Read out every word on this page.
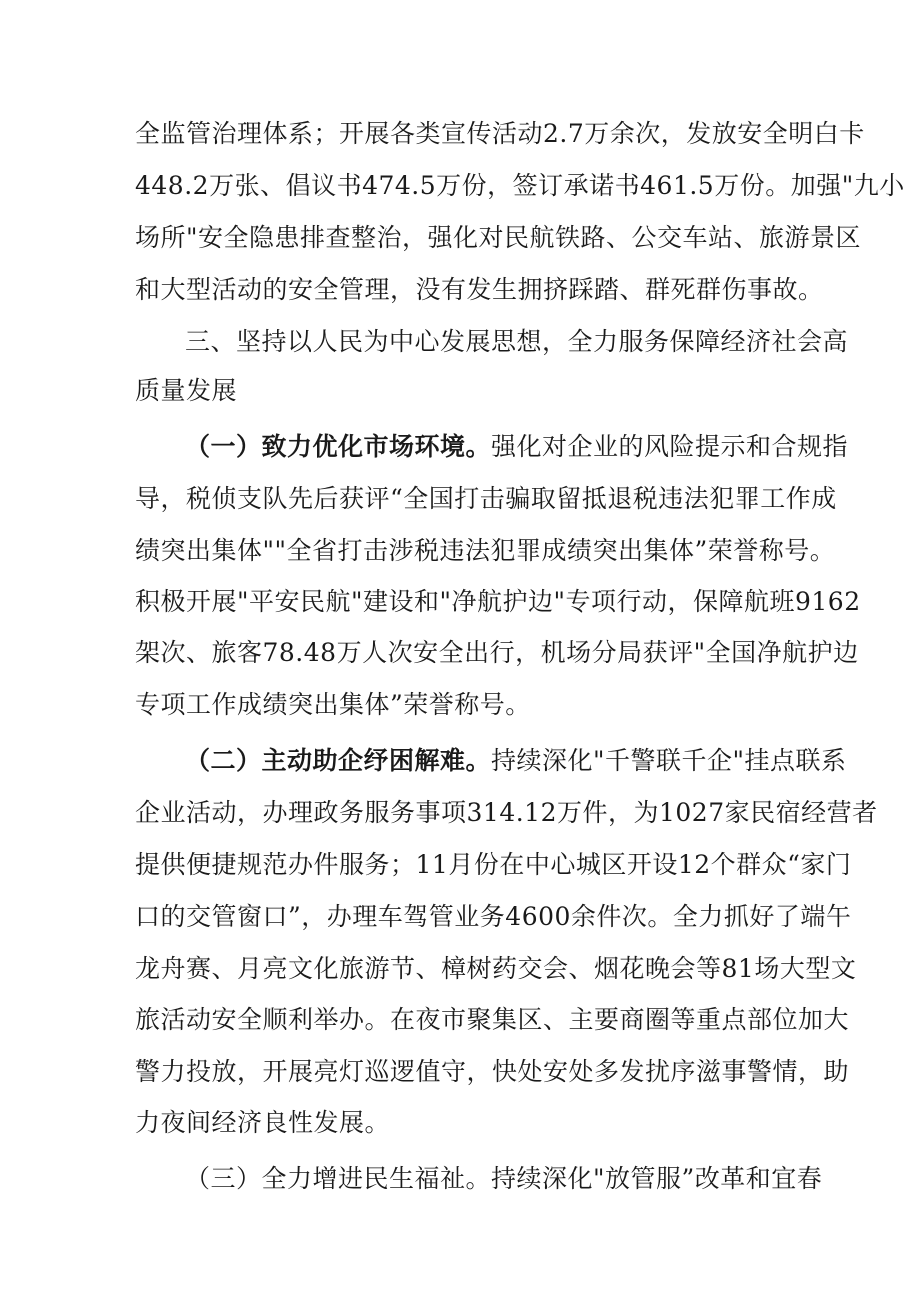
全监管治理体系；开展各类宣传活动2.7万余次，发放安全明白卡

448.2万张、倡议书474.5万份，签订承诺书461.5万份。加强"九小

场所"安全隐患排查整治，强化对民航铁路、公交车站、旅游景区

和大型活动的安全管理，没有发生拥挤踩踏、群死群伤事故。

三、坚持以人民为中心发展思想，全力服务保障经济社会高

质量发展

（一）致力优化市场环境。强化对企业的风险提示和合规指

导，税侦支队先后获评“全国打击骗取留抵退税违法犯罪工作成

绩突出集体""全省打击涉税违法犯罪成绩突出集体”荣誉称号。

积极开展"平安民航"建设和"净航护边"专项行动，保障航班9162

架次、旅客78.48万人次安全出行，机场分局获评"全国净航护边

专项工作成绩突出集体”荣誉称号。

（二）主动助企纾困解难。持续深化"千警联千企"挂点联系

企业活动，办理政务服务事项314.12万件，为1027家民宿经营者

提供便捷规范办件服务；11月份在中心城区开设12个群众“家门

口的交管窗口”，办理车驾管业务4600余件次。全力抓好了端午

龙舟赛、月亮文化旅游节、樟树药交会、烟花晚会等81场大型文

旅活动安全顺利举办。在夜市聚集区、主要商圈等重点部位加大

警力投放，开展亮灯巡逻值守，快处安处多发扰序滋事警情，助

力夜间经济良性发展。

（三）全力增进民生福祉。持续深化"放管服”改革和宜春
